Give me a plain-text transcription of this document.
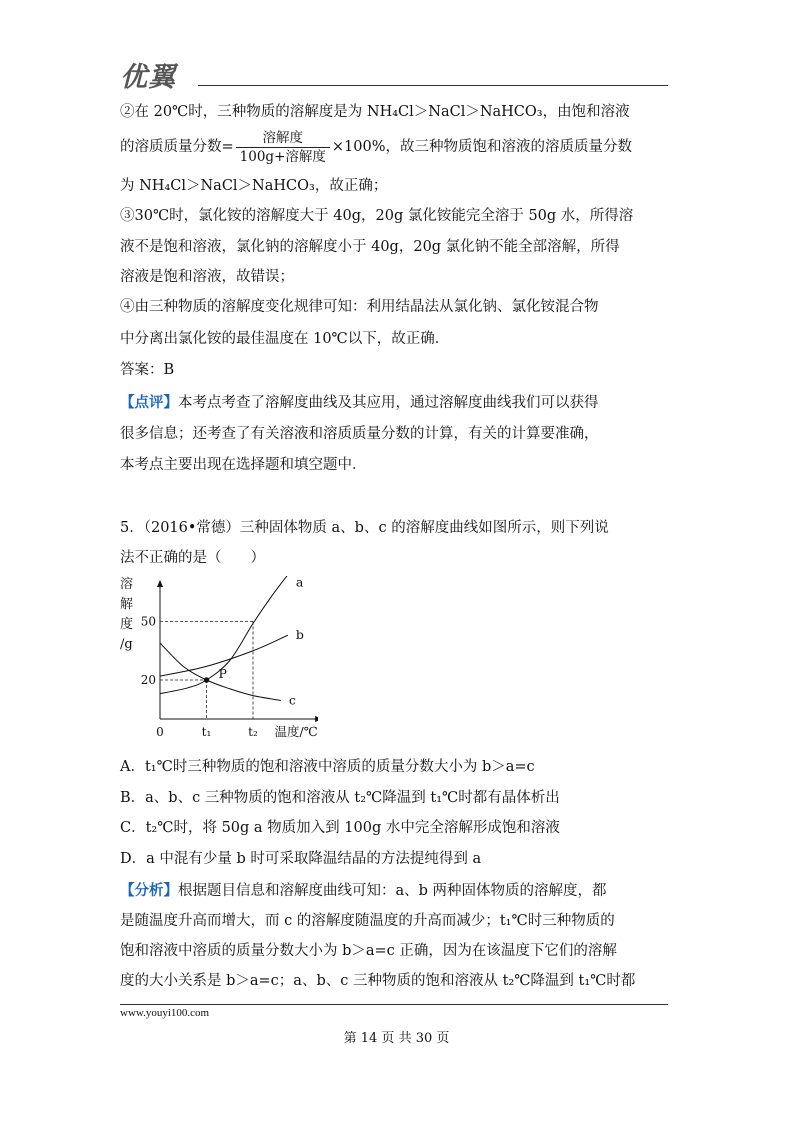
优翼
②在 20℃时，三种物质的溶解度是为 NH₄Cl＞NaCl＞NaHCO₃，由饱和溶液
的溶质质量分数= $\frac{\text{溶解度}}{\text{100g+溶解度}} \times 100\%$，故三种物质饱和溶液的溶质质量分数
为 NH₄Cl＞NaCl＞NaHCO₃，故正确；
③30℃时，氯化铵的溶解度大于 40g，20g 氯化铵能完全溶于 50g 水，所得溶
液不是饱和溶液，氯化钠的溶解度小于 40g，20g 氯化钠不能全部溶解，所得
溶液是饱和溶液，故错误；
④由三种物质的溶解度变化规律可知：利用结晶法从氯化钠、氯化铵混合物
中分离出氯化铵的最佳温度在 10℃以下，故正确．
答案：B
【点评】本考点考查了溶解度曲线及其应用，通过溶解度曲线我们可以获得
很多信息；还考查了有关溶液和溶质质量分数的计算，有关的计算要准确，
本考点主要出现在选择题和填空题中．
5．（2016•常德）三种固体物质 a、b、c 的溶解度曲线如图所示，则下列说
法不正确的是（　　）
溶
解
度
/g
20
50
0	t₁	t₂ 温度/℃
a
b
c
P
A．t₁℃时三种物质的饱和溶液中溶质的质量分数大小为 b＞a=c
B．a、b、c 三种物质的饱和溶液从 t₂℃降温到 t₁℃时都有晶体析出
C．t₂℃时，将 50g a 物质加入到 100g 水中完全溶解形成饱和溶液
D．a 中混有少量 b 时可采取降温结晶的方法提纯得到 a
【分析】根据题目信息和溶解度曲线可知：a、b 两种固体物质的溶解度，都
是随温度升高而增大，而 c 的溶解度随温度的升高而减少；t₁℃时三种物质的
饱和溶液中溶质的质量分数大小为 b＞a=c 正确，因为在该温度下它们的溶解
度的大小关系是 b＞a=c；a、b、c 三种物质的饱和溶液从 t₂℃降温到 t₁℃时都
www.youyi100.com
第 14 页 共 30 页
